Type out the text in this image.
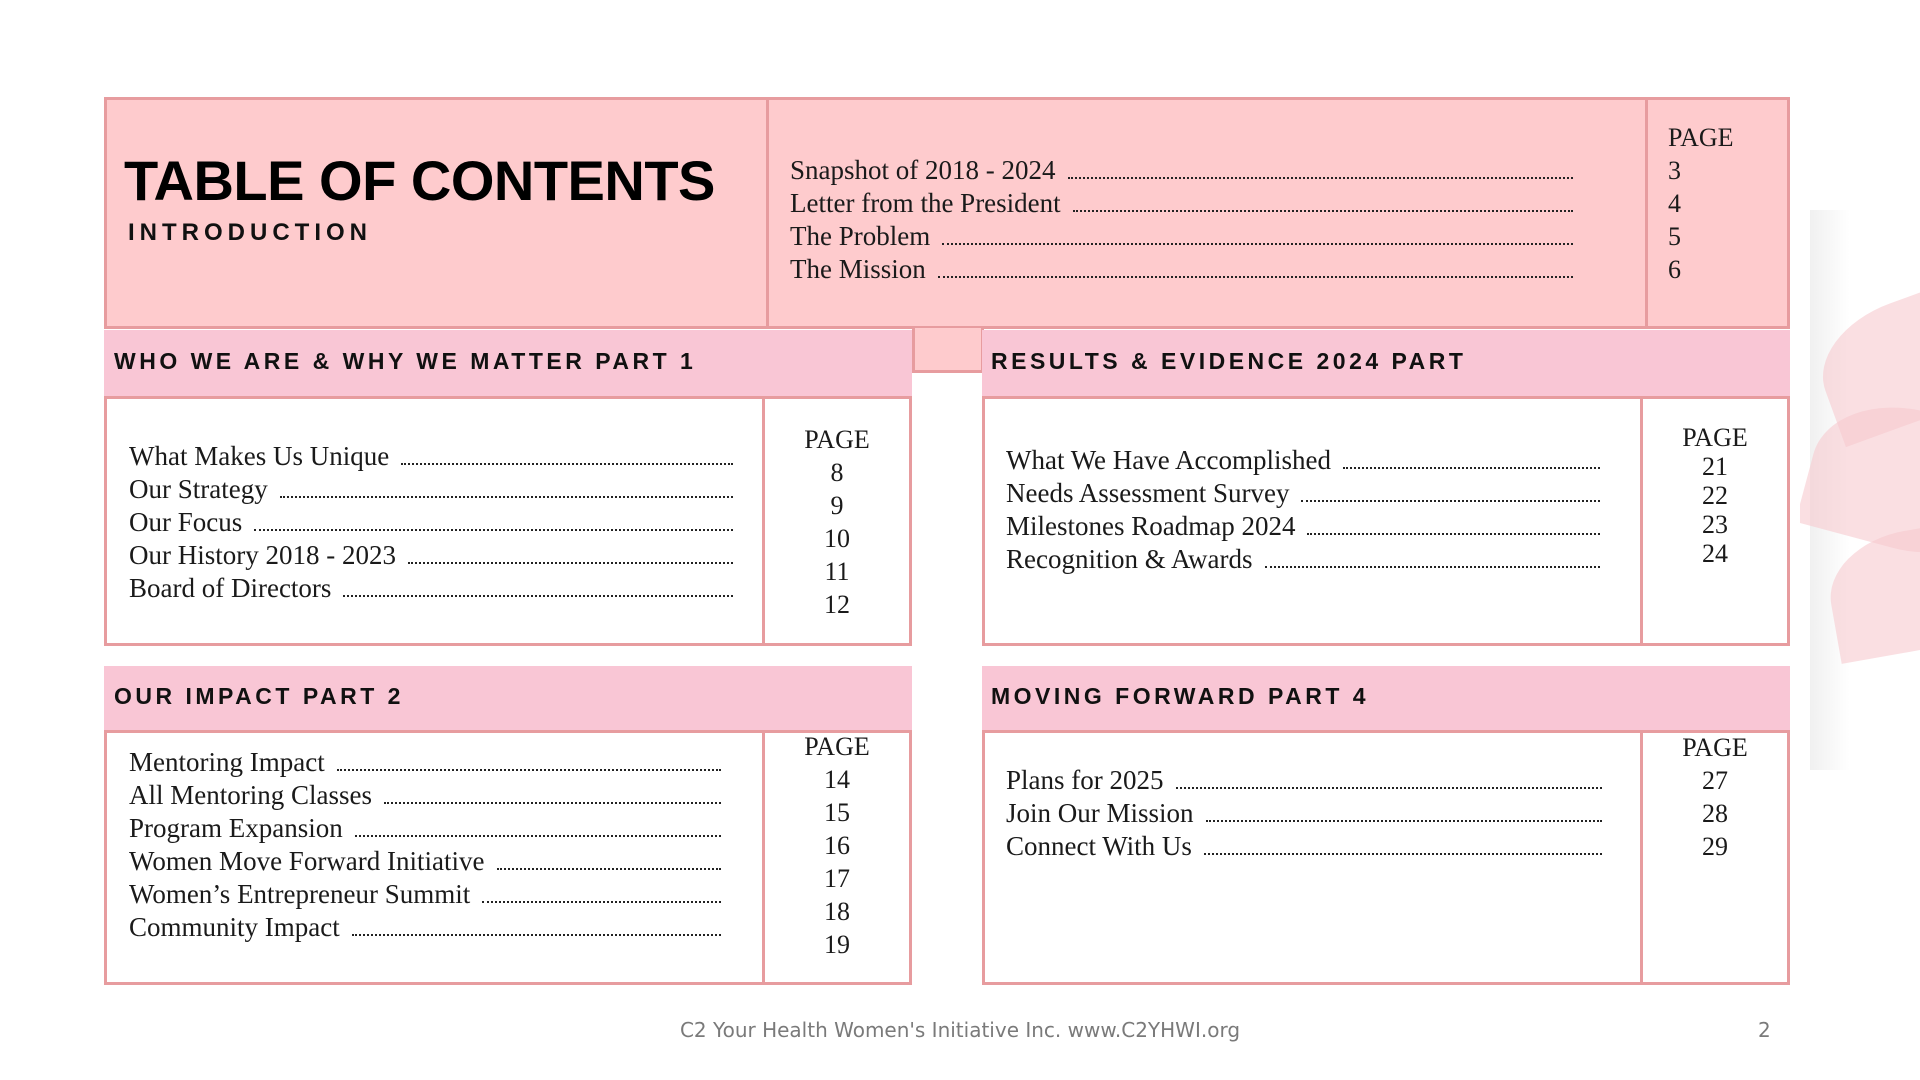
TABLE OF CONTENTS
INTRODUCTION
Snapshot of 2018 - 2024
Letter from the President
The Problem
The Mission
PAGE
3
4
5
6
WHO WE ARE & WHY WE MATTER PART 1
What Makes Us Unique
Our Strategy
Our Focus
Our History 2018 - 2023
Board of Directors
PAGE
8
9
10
11
12
RESULTS & EVIDENCE 2024 PART
What We Have Accomplished
Needs Assessment Survey
Milestones Roadmap 2024
Recognition & Awards
PAGE
21
22
23
24
OUR IMPACT PART 2
Mentoring Impact
All Mentoring Classes
Program Expansion
Women Move Forward Initiative
Women’s Entrepreneur Summit
Community Impact
PAGE
14
15
16
17
18
19
MOVING FORWARD PART 4
Plans for 2025
Join Our Mission
Connect With Us
PAGE
27
28
29
C2 Your Health Women's Initiative Inc. www.C2YHWI.org	2
